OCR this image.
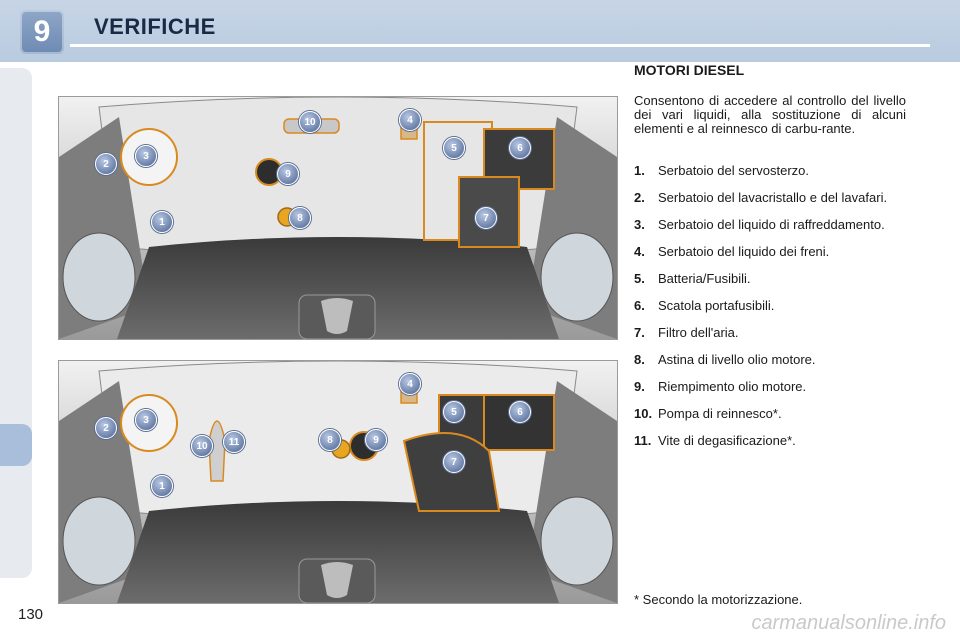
9	VERIFICHE
1
2
3
4
5	6
7
8
9
10
1
2
3
4
5	6
7
8	9
10	11
MOTORI DIESEL
Consentono di accedere al controllo del livello dei vari liquidi, alla sostituzione di alcuni elementi e al reinnesco di carbu-rante.
1.	Serbatoio del servosterzo.
2.	Serbatoio del lavacristallo e del lavafari.
3.	Serbatoio del liquido di raffreddamento.
4.	Serbatoio del liquido dei freni.
5.	Batteria/Fusibili.
6.	Scatola portafusibili.
7.	Filtro dell'aria.
8.	Astina di livello olio motore.
9.	Riempimento olio motore.
10. Pompa di reinnesco*.
11. Vite di degasificazione*.
* Secondo la motorizzazione.
130	carmanualsonline.info
